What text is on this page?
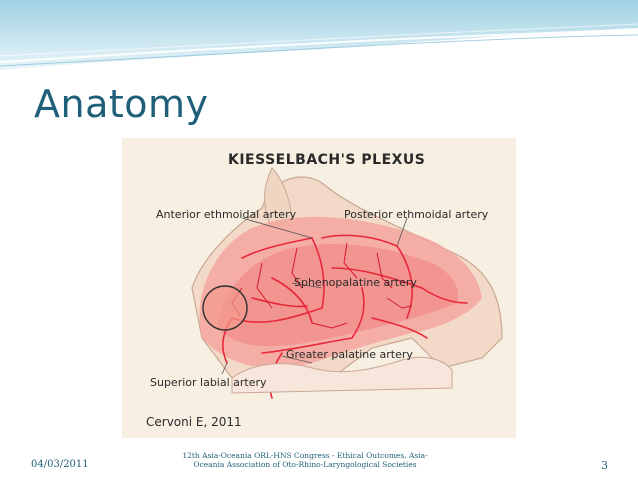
Anatomy
KIESSELBACH'S PLEXUS
Anterior ethmoidal artery	Posterior ethmoidal artery
Sphenopalatine artery
Greater palatine artery
Superior labial artery
Cervoni E, 2011
04/03/2011
12th Asia-Oceania ORL-HNS Congress - Ethical Outcomes, Asia-
Oceania Association of Oto-Rhino-Laryngological Societies	3
